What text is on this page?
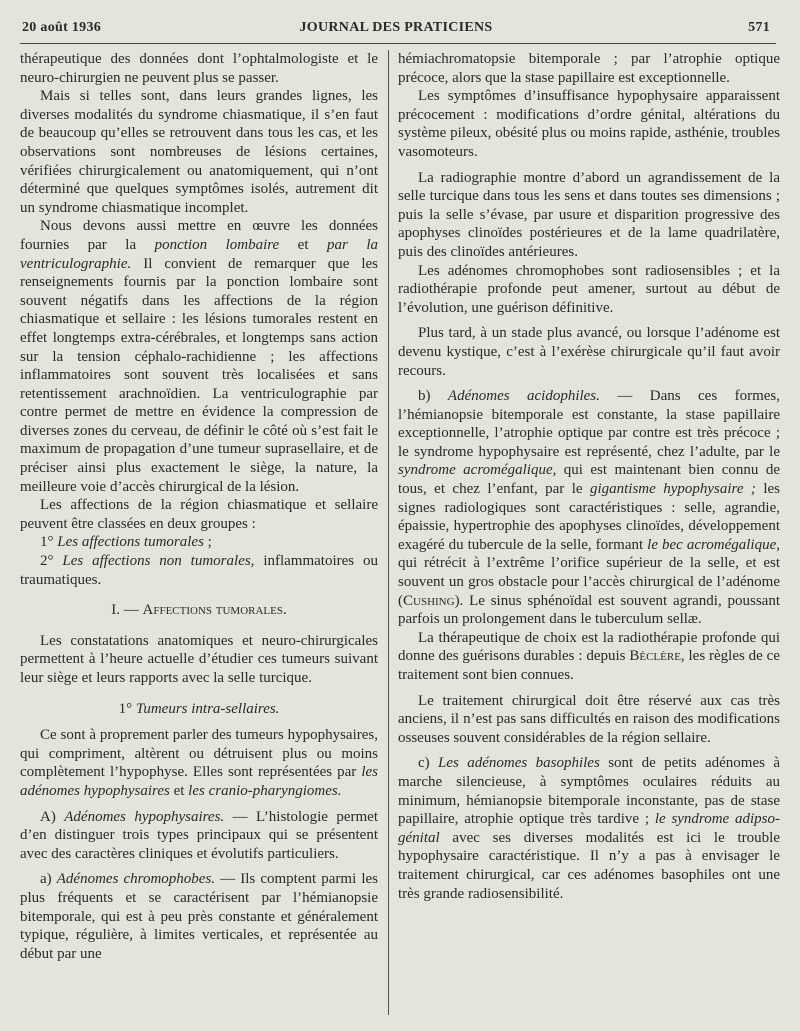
20 août 1936	JOURNAL DES PRATICIENS	571

thérapeutique des données dont l’ophtalmologiste et le neuro-chirurgien ne peuvent plus se passer.

Mais si telles sont, dans leurs grandes lignes, les diverses modalités du syndrome chiasmatique, il s’en faut de beaucoup qu’elles se retrouvent dans tous les cas, et les observations sont nombreuses de lésions certaines, vérifiées chirurgicalement ou anatomiquement, qui n’ont déterminé que quelques symptômes isolés, autrement dit un syndrome chiasmatique incomplet.

Nous devons aussi mettre en œuvre les données fournies par la ponction lombaire et par la ventriculographie. Il convient de remarquer que les renseignements fournis par la ponction lombaire sont souvent négatifs dans les affections de la région chiasmatique et sellaire : les lésions tumorales restent en effet longtemps extra-cérébrales, et longtemps sans action sur la tension céphalo-rachidienne ; les affections inflammatoires sont souvent très localisées et sans retentissement arachnoïdien. La ventriculographie par contre permet de mettre en évidence la compression de diverses zones du cerveau, de définir le côté où s’est fait le maximum de propagation d’une tumeur suprasellaire, et de préciser ainsi plus exactement le siège, la nature, la meilleure voie d’accès chirurgical de la lésion.

Les affections de la région chiasmatique et sellaire peuvent être classées en deux groupes :

1° Les affections tumorales ;

2° Les affections non tumorales, inflammatoires ou traumatiques.

I. — Affections tumorales.

Les constatations anatomiques et neuro-chirurgicales permettent à l’heure actuelle d’étudier ces tumeurs suivant leur siège et leurs rapports avec la selle turcique.

1° Tumeurs intra-sellaires.

Ce sont à proprement parler des tumeurs hypophysaires, qui compriment, altèrent ou détruisent plus ou moins complètement l’hypophyse. Elles sont représentées par les adénomes hypophysaires et les cranio-pharyngiomes.

A) Adénomes hypophysaires. — L’histologie permet d’en distinguer trois types principaux qui se présentent avec des caractères cliniques et évolutifs particuliers.

a) Adénomes chromophobes. — Ils comptent parmi les plus fréquents et se caractérisent par l’hémianopsie bitemporale, qui est à peu près constante et généralement typique, régulière, à limites verticales, et représentée au début par une

hémiachromatopsie bitemporale ; par l’atrophie optique précoce, alors que la stase papillaire est exceptionnelle.

Les symptômes d’insuffisance hypophysaire apparaissent précocement : modifications d’ordre génital, altérations du système pileux, obésité plus ou moins rapide, asthénie, troubles vasomoteurs.

La radiographie montre d’abord un agrandissement de la selle turcique dans tous les sens et dans toutes ses dimensions ; puis la selle s’évase, par usure et disparition progressive des apophyses clinoïdes postérieures et de la lame quadrilatère, puis des clinoïdes antérieures.

Les adénomes chromophobes sont radiosensibles ; et la radiothérapie profonde peut amener, surtout au début de l’évolution, une guérison définitive.

Plus tard, à un stade plus avancé, ou lorsque l’adénome est devenu kystique, c’est à l’exérèse chirurgicale qu’il faut avoir recours.

b) Adénomes acidophiles. — Dans ces formes, l’hémianopsie bitemporale est constante, la stase papillaire exceptionnelle, l’atrophie optique par contre est très précoce ; le syndrome hypophysaire est représenté, chez l’adulte, par le syndrome acromégalique, qui est maintenant bien connu de tous, et chez l’enfant, par le gigantisme hypophysaire ; les signes radiologiques sont caractéristiques : selle, agrandie, épaissie, hypertrophie des apophyses clinoïdes, développement exagéré du tubercule de la selle, formant le bec acromégalique, qui rétrécit à l’extrême l’orifice supérieur de la selle, et est souvent un gros obstacle pour l’accès chirurgical de l’adénome (Cushing). Le sinus sphénoïdal est souvent agrandi, poussant parfois un prolongement dans le tuberculum sellæ.

La thérapeutique de choix est la radiothérapie profonde qui donne des guérisons durables : depuis Béclère, les règles de ce traitement sont bien connues.

Le traitement chirurgical doit être réservé aux cas très anciens, il n’est pas sans difficultés en raison des modifications osseuses souvent considérables de la région sellaire.

c) Les adénomes basophiles sont de petits adénomes à marche silencieuse, à symptômes oculaires réduits au minimum, hémianopsie bitemporale inconstante, pas de stase papillaire, atrophie optique très tardive ; le syndrome adipso-génital avec ses diverses modalités est ici le trouble hypophysaire caractéristique. Il n’y a pas à envisager le traitement chirurgical, car ces adénomes basophiles ont une très grande radiosensibilité.
